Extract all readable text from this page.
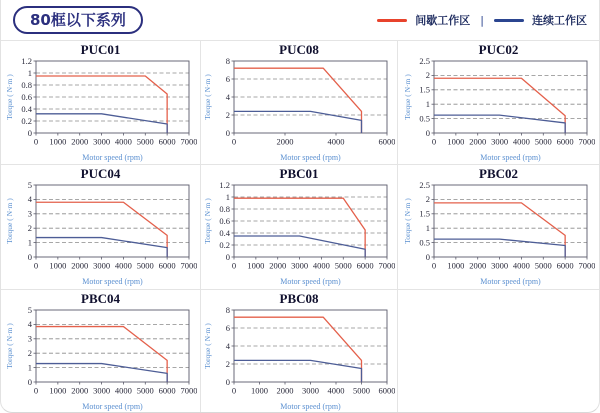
80框以下系列	间歇工作区 |	连续工作区
PUC01
0
0.2
0.4
0.6
0.8
1
1.2
0 1000 2000 3000 4000 5000 6000 7000
Torque ( N·m )
Motor speed (rpm)
PUC08
0
2
4
6
8
0	2000	4000	6000
Torque ( N·m )
Motor speed (rpm)
PUC02
0
0.5
1
1.5
2
2.5
0 1000 2000 3000 4000 5000 6000 7000
Torque ( N·m )
Motor speed (rpm)
PUC04
0
1
2
3
4
5
0 1000 2000 3000 4000 5000 6000 7000
Torque ( N·m )
Motor speed (rpm)
PBC01
0
0.2
0.4
0.6
0.8
1
1.2
0 1000 2000 3000 4000 5000 6000 7000
Torque ( N·m )
Motor speed (rpm)
PBC02
0
0.5
1
1.5
2
2.5
0 1000 2000 3000 4000 5000 6000 7000
Torque ( N·m )
Motor speed (rpm)
PBC04
0
1
2
3
4
5
0 1000 2000 3000 4000 5000 6000 7000
Torque ( N·m )
Motor speed (rpm)
PBC08
0
2
4
6
8
0 1000 2000 3000 4000 5000 6000
Torque ( N·m )
Motor speed (rpm)
